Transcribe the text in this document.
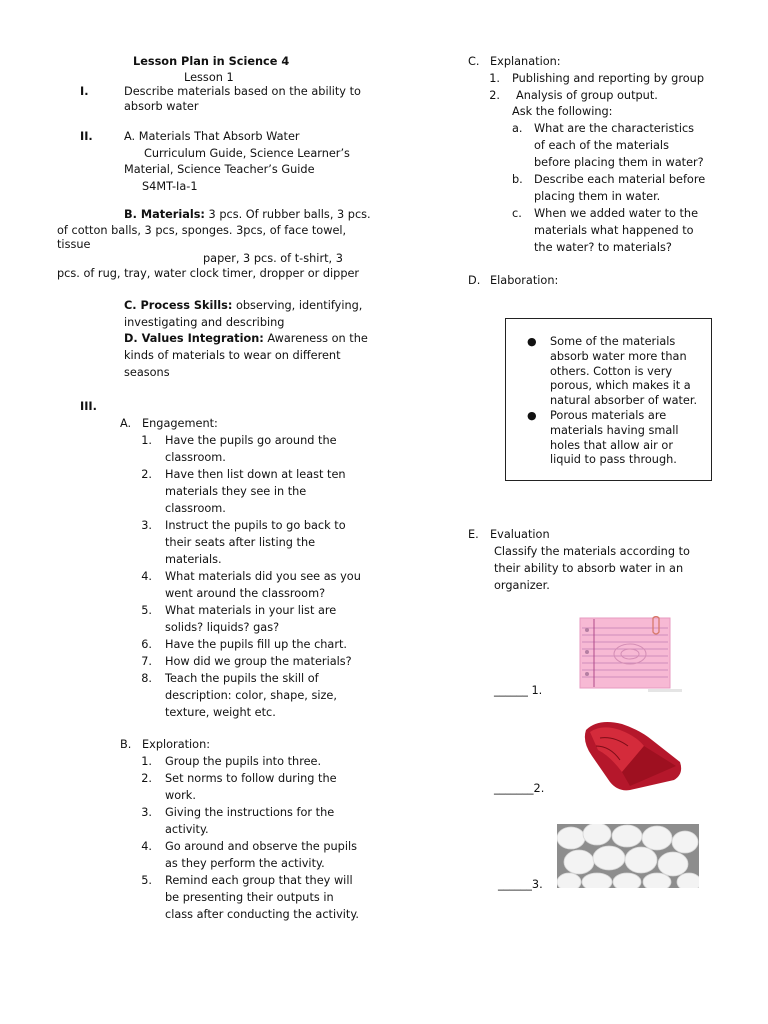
Lesson Plan in Science 4
Lesson 1
I.	Describe materials based on the ability to
absorb water
II.	A. Materials That Absorb Water
Curriculum Guide, Science Learner’s
Material, Science Teacher’s Guide
S4MT-Ia-1
B. Materials: 3 pcs. Of rubber balls, 3 pcs.
of cotton balls, 3 pcs, sponges. 3pcs, of face towel,
tissue
paper, 3 pcs. of t-shirt, 3
pcs. of rug, tray, water clock timer, dropper or dipper
C. Process Skills: observing, identifying,
investigating and describing
D. Values Integration: Awareness on the
kinds of materials to wear on different
seasons
III.
A. Engagement:
B. Exploration:
C. Explanation:
1. Publishing and reporting by group
2. Analysis of group output.
Ask the following:
D. Elaboration:
E. Evaluation
Classify the materials according to
their ability to absorb water in an
organizer.
______ 1.
_______2.
______3.
1. Have the pupils go around the
classroom.
2. Have then list down at least ten
materials they see in the
classroom.
3. Instruct the pupils to go back to
their seats after listing the
materials.
4. What materials did you see as you
went around the classroom?
5. What materials in your list are
solids? liquids? gas?
6. Have the pupils fill up the chart.
7. How did we group the materials?
8. Teach the pupils the skill of
description: color, shape, size,
texture, weight etc.
1. Group the pupils into three.
2. Set norms to follow during the
work.
3. Giving the instructions for the
activity.
4. Go around and observe the pupils
as they perform the activity.
5. Remind each group that they will
be presenting their outputs in
class after conducting the activity.
a. What are the characteristics
of each of the materials
before placing them in water?
b. Describe each material before
placing them in water.
c. When we added water to the
materials what happened to
the water? to materials?
● Some of the materials
absorb water more than
others. Cotton is very
porous, which makes it a
natural absorber of water.
● Porous materials are
materials having small
holes that allow air or
liquid to pass through.
